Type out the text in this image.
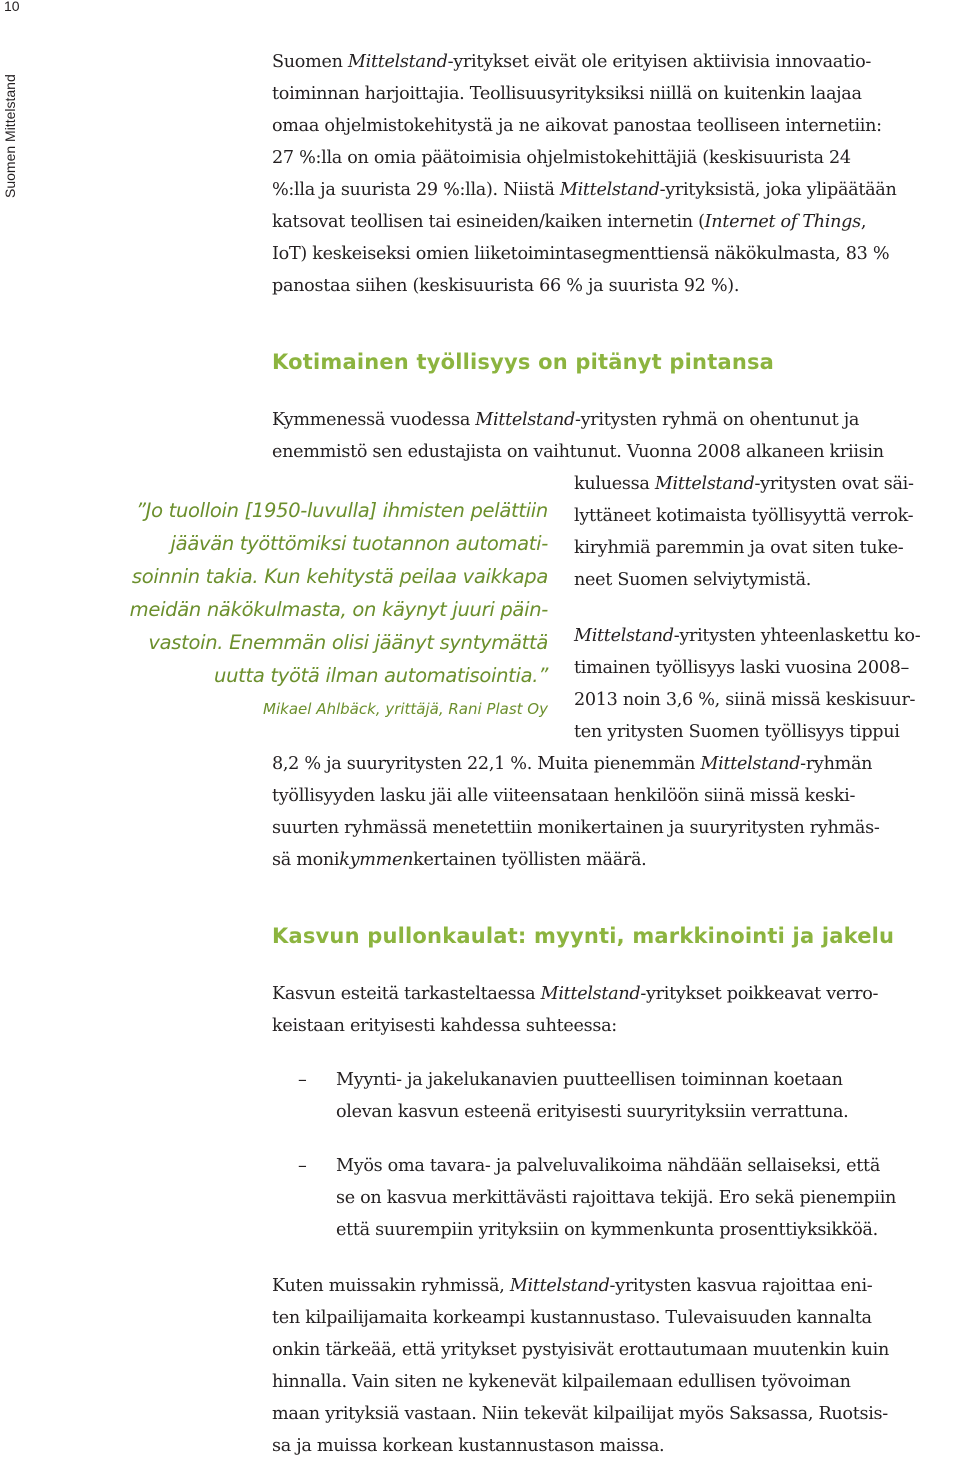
10
Suomen Mittelstand
Suomen Mittelstand-yritykset eivät ole erityisen aktiivisia innovaatio-
toiminnan harjoittajia. Teollisuusyrityksiksi niillä on kuitenkin laajaa
omaa ohjelmistokehitystä ja ne aikovat panostaa teolliseen internetiin:
27 %:lla on omia päätoimisia ohjelmistokehittäjiä (keskisuurista 24
%:lla ja suurista 29 %:lla). Niistä Mittelstand-yrityksistä, joka ylipäätään
katsovat teollisen tai esineiden/kaiken internetin (Internet of Things,
IoT) keskeiseksi omien liiketoimintasegmenttiensä näkökulmasta, 83 %
panostaa siihen (keskisuurista 66 % ja suurista 92 %).
Kotimainen työllisyys on pitänyt pintansa
Kymmenessä vuodessa Mittelstand-yritysten ryhmä on ohentunut ja
enemmistö sen edustajista on vaihtunut. Vuonna 2008 alkaneen kriisin
kuluessa Mittelstand-yritysten ovat säi-
lyttäneet kotimaista työllisyyttä verrok-
kiryhmiä paremmin ja ovat siten tuke-
neet Suomen selviytymistä.
Mittelstand-yritysten yhteenlaskettu ko-
timainen työllisyys laski vuosina 2008–
2013 noin 3,6 %, siinä missä keskisuur-
ten yritysten Suomen työllisyys tippui
”Jo tuolloin [1950-luvulla] ihmisten pelättiin
jäävän työttömiksi tuotannon automati-
soinnin takia. Kun kehitystä peilaa vaikkapa
meidän näkökulmasta, on käynyt juuri päin-
vastoin. Enemmän olisi jäänyt syntymättä
uutta työtä ilman automatisointia.”
Mikael Ahlbäck, yrittäjä, Rani Plast Oy
8,2 % ja suuryritysten 22,1 %. Muita pienemmän Mittelstand-ryhmän
työllisyyden lasku jäi alle viiteensataan henkilöön siinä missä keski-
suurten ryhmässä menetettiin monikertainen ja suuryritysten ryhmäs-
sä monikymmenkertainen työllisten määrä.
Kasvun pullonkaulat: myynti, markkinointi ja jakelu
Kasvun esteitä tarkasteltaessa Mittelstand-yritykset poikkeavat verro-
keistaan erityisesti kahdessa suhteessa:
– Myynti- ja jakelukanavien puutteellisen toiminnan koetaan
olevan kasvun esteenä erityisesti suuryrityksiin verrattuna.
– Myös oma tavara- ja palveluvalikoima nähdään sellaiseksi, että
se on kasvua merkittävästi rajoittava tekijä. Ero sekä pienempiin
että suurempiin yrityksiin on kymmenkunta prosenttiyksikköä.
Kuten muissakin ryhmissä, Mittelstand-yritysten kasvua rajoittaa eni-
ten kilpailijamaita korkeampi kustannustaso. Tulevaisuuden kannalta
onkin tärkeää, että yritykset pystyisivät erottautumaan muutenkin kuin
hinnalla. Vain siten ne kykenevät kilpailemaan edullisen työvoiman
maan yrityksiä vastaan. Niin tekevät kilpailijat myös Saksassa, Ruotsis-
sa ja muissa korkean kustannustason maissa.
